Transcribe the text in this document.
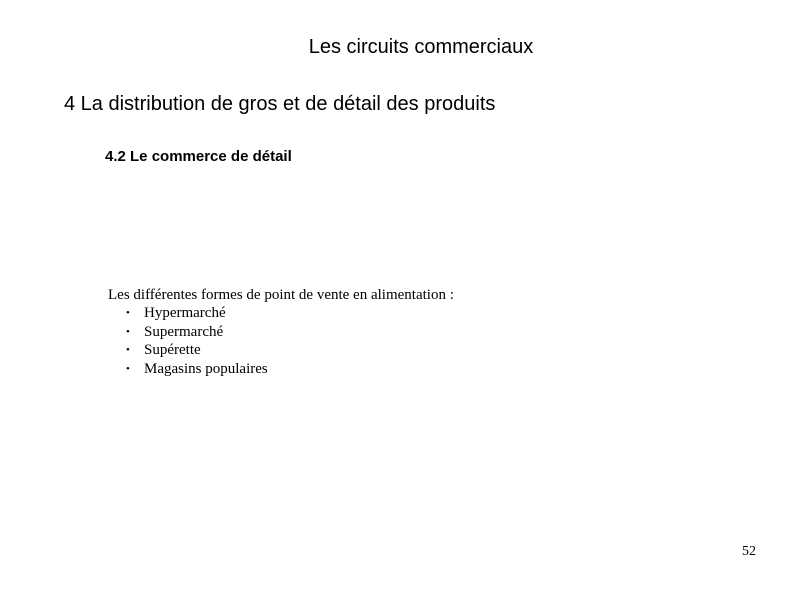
Les circuits commerciaux
4 La distribution de gros et de détail des produits
4.2 Le commerce de détail
Les différentes formes de point de vente en alimentation :
• Hypermarché
• Supermarché
• Supérette
• Magasins populaires
52
